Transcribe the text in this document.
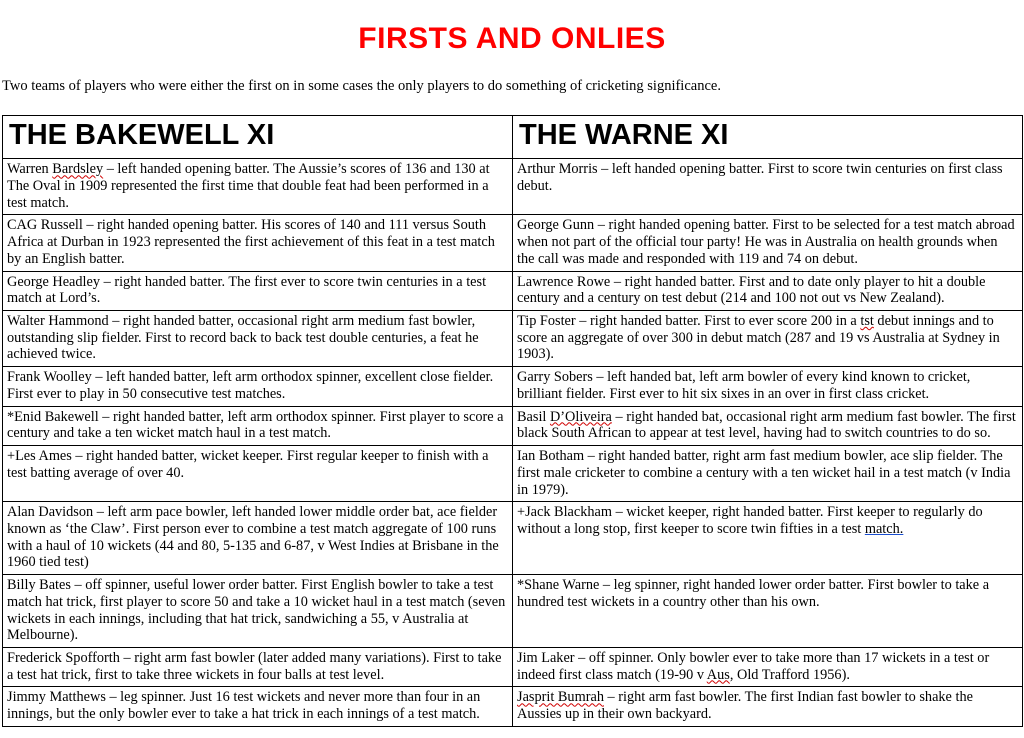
FIRSTS AND ONLIES

Two teams of players who were either the first on in some cases the only players to do something of cricketing significance.

THE BAKEWELL XI	THE WARNE XI
Warren Bardsley – left handed opening batter. The Aussie’s scores of 136 and 130 at The Oval in 1909 represented the first time that double feat had been performed in a test match.	Arthur Morris – left handed opening batter. First to score twin centuries on first class debut.
CAG Russell – right handed opening batter. His scores of 140 and 111 versus South Africa at Durban in 1923 represented the first achievement of this feat in a test match by an English batter.	George Gunn – right handed opening batter. First to be selected for a test match abroad when not part of the official tour party! He was in Australia on health grounds when the call was made and responded with 119 and 74 on debut.
George Headley – right handed batter. The first ever to score twin centuries in a test match at Lord’s.	Lawrence Rowe – right handed batter. First and to date only player to hit a double century and a century on test debut (214 and 100 not out vs New Zealand).
Walter Hammond – right handed batter, occasional right arm medium fast bowler, outstanding slip fielder. First to record back to back test double centuries, a feat he achieved twice.	Tip Foster – right handed batter. First to ever score 200 in a tst debut innings and to score an aggregate of over 300 in debut match (287 and 19 vs Australia at Sydney in 1903).
Frank Woolley – left handed batter, left arm orthodox spinner, excellent close fielder. First ever to play in 50 consecutive test matches.	Garry Sobers – left handed bat, left arm bowler of every kind known to cricket, brilliant fielder. First ever to hit six sixes in an over in first class cricket.
*Enid Bakewell – right handed batter, left arm orthodox spinner. First player to score a century and take a ten wicket match haul in a test match.	Basil D’Oliveira – right handed bat, occasional right arm medium fast bowler. The first black South African to appear at test level, having had to switch countries to do so.
+Les Ames – right handed batter, wicket keeper. First regular keeper to finish with a test batting average of over 40.	Ian Botham – right handed batter, right arm fast medium bowler, ace slip fielder. The first male cricketer to combine a century with a ten wicket hail in a test match (v India in 1979).
Alan Davidson – left arm pace bowler, left handed lower middle order bat, ace fielder known as ‘the Claw’. First person ever to combine a test match aggregate of 100 runs with a haul of 10 wickets (44 and 80, 5-135 and 6-87, v West Indies at Brisbane in the 1960 tied test)	+Jack Blackham – wicket keeper, right handed batter. First keeper to regularly do without a long stop, first keeper to score twin fifties in a test match.
Billy Bates – off spinner, useful lower order batter. First English bowler to take a test match hat trick, first player to score 50 and take a 10 wicket haul in a test match (seven wickets in each innings, including that hat trick, sandwiching a 55, v Australia at Melbourne).	*Shane Warne – leg spinner, right handed lower order batter. First bowler to take a hundred test wickets in a country other than his own.
Frederick Spofforth – right arm fast bowler (later added many variations). First to take a test hat trick, first to take three wickets in four balls at test level.	Jim Laker – off spinner. Only bowler ever to take more than 17 wickets in a test or indeed first class match (19-90 v Aus, Old Trafford 1956).
Jimmy Matthews – leg spinner. Just 16 test wickets and never more than four in an innings, but the only bowler ever to take a hat trick in each innings of a test match.	Jasprit Bumrah – right arm fast bowler. The first Indian fast bowler to shake the Aussies up in their own backyard.
